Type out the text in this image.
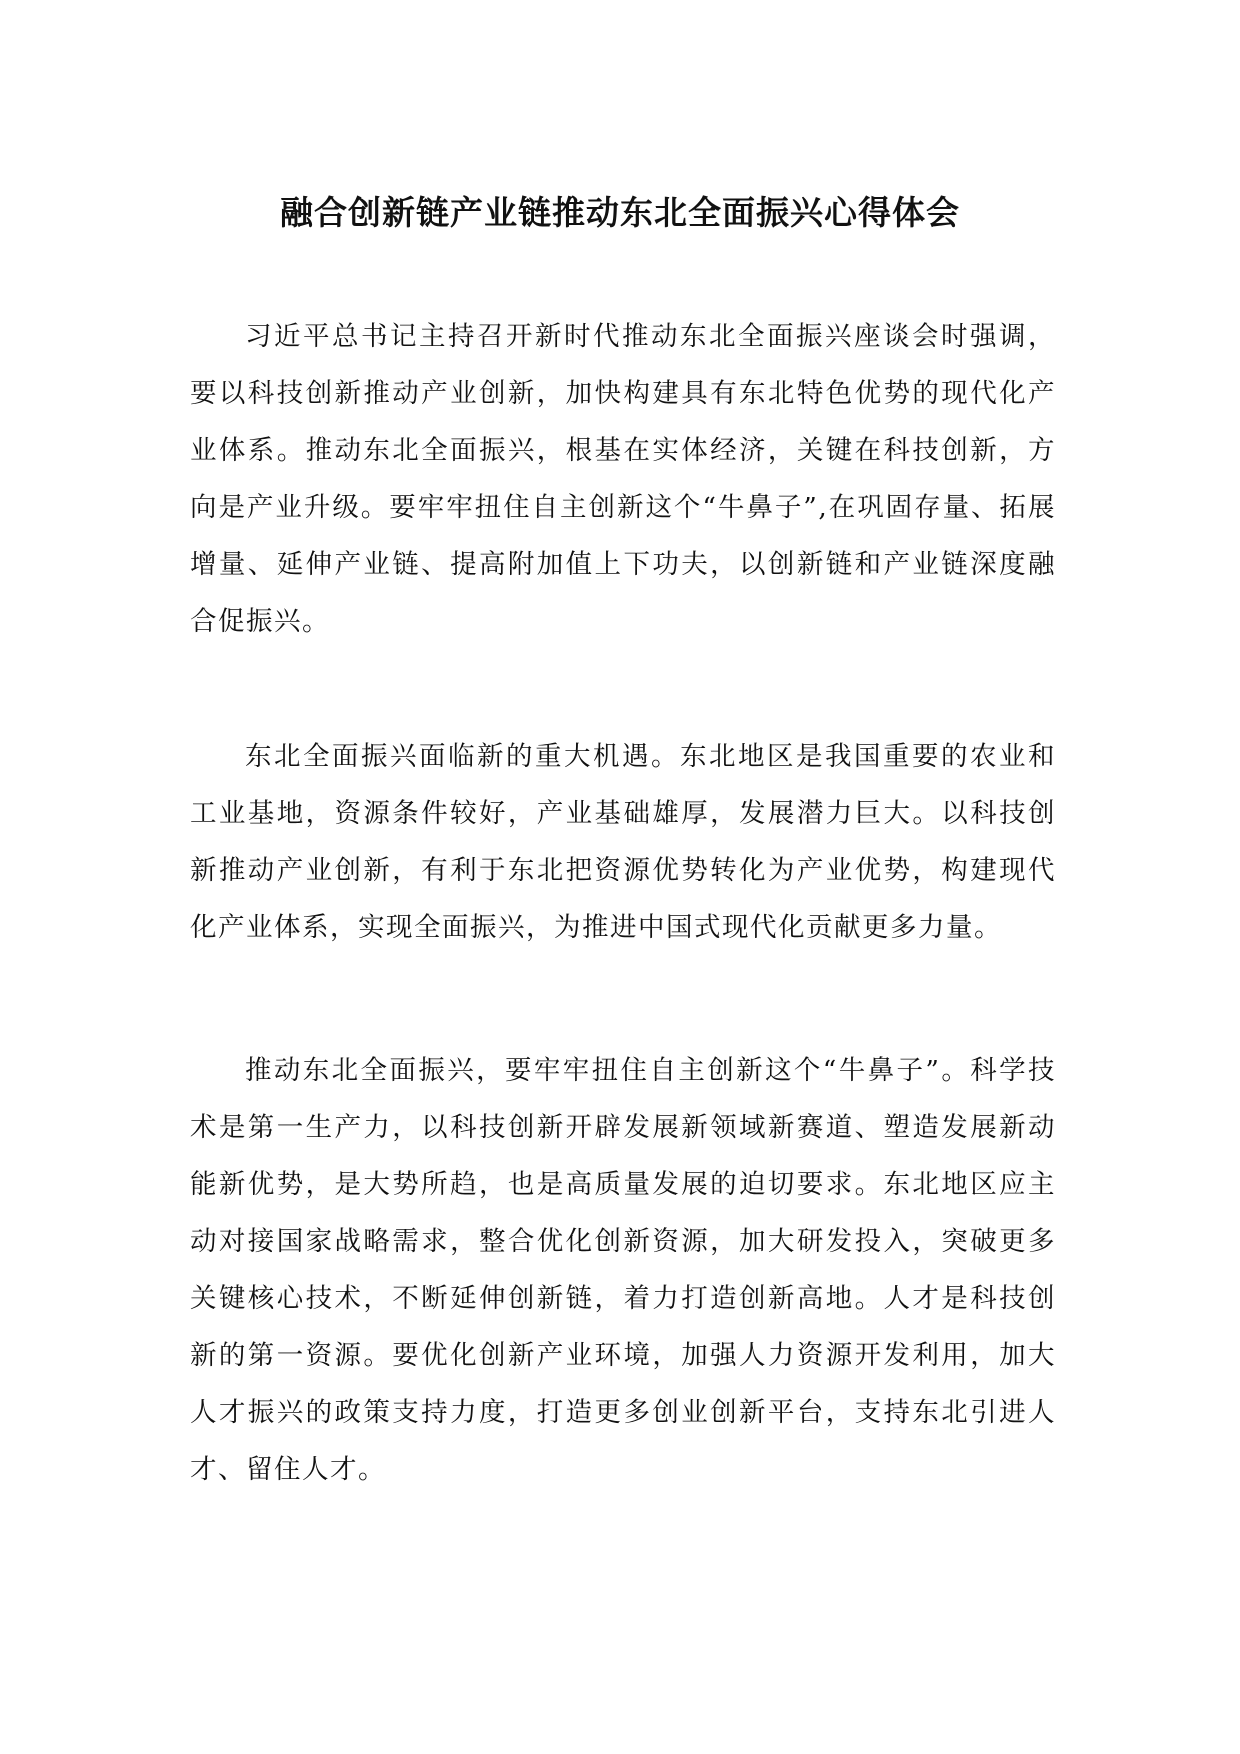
融合创新链产业链推动东北全面振兴心得体会

习近平总书记主持召开新时代推动东北全面振兴座谈会时强调，要以科技创新推动产业创新，加快构建具有东北特色优势的现代化产业体系。推动东北全面振兴，根基在实体经济，关键在科技创新，方向是产业升级。要牢牢扭住自主创新这个“牛鼻子”,在巩固存量、拓展增量、延伸产业链、提高附加值上下功夫，以创新链和产业链深度融合促振兴。

东北全面振兴面临新的重大机遇。东北地区是我国重要的农业和工业基地，资源条件较好，产业基础雄厚，发展潜力巨大。以科技创新推动产业创新，有利于东北把资源优势转化为产业优势，构建现代化产业体系，实现全面振兴，为推进中国式现代化贡献更多力量。

推动东北全面振兴，要牢牢扭住自主创新这个“牛鼻子”。科学技术是第一生产力，以科技创新开辟发展新领域新赛道、塑造发展新动能新优势，是大势所趋，也是高质量发展的迫切要求。东北地区应主动对接国家战略需求，整合优化创新资源，加大研发投入，突破更多关键核心技术，不断延伸创新链，着力打造创新高地。人才是科技创新的第一资源。要优化创新产业环境，加强人力资源开发利用，加大人才振兴的政策支持力度，打造更多创业创新平台，支持东北引进人才、留住人才。
